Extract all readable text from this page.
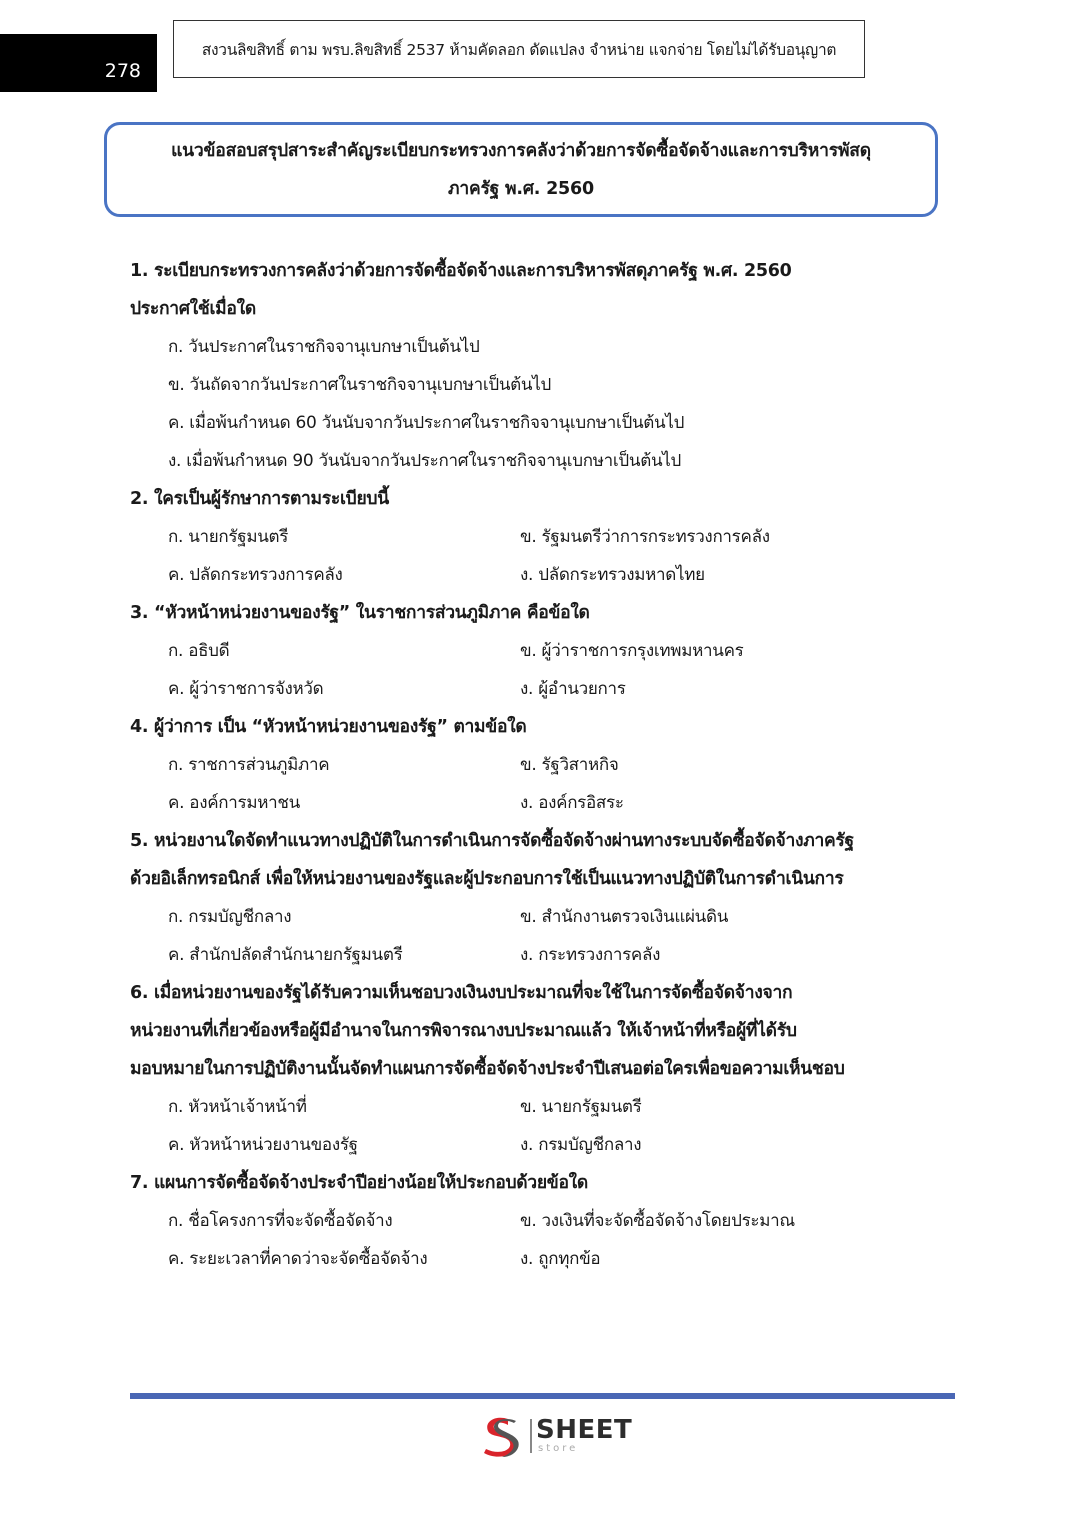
278
สงวนลิขสิทธิ์ ตาม พรบ.ลิขสิทธิ์ 2537 ห้ามคัดลอก ดัดแปลง จำหน่าย แจกจ่าย โดยไม่ได้รับอนุญาต
แนวข้อสอบสรุปสาระสำคัญระเบียบกระทรวงการคลังว่าด้วยการจัดซื้อจัดจ้างและการบริหารพัสดุ
ภาครัฐ พ.ศ. 2560
1. ระเบียบกระทรวงการคลังว่าด้วยการจัดซื้อจัดจ้างและการบริหารพัสดุภาครัฐ พ.ศ. 2560
ประกาศใช้เมื่อใด
ก. วันประกาศในราชกิจจานุเบกษาเป็นต้นไป
ข. วันถัดจากวันประกาศในราชกิจจานุเบกษาเป็นต้นไป
ค. เมื่อพ้นกำหนด 60 วันนับจากวันประกาศในราชกิจจานุเบกษาเป็นต้นไป
ง. เมื่อพ้นกำหนด 90 วันนับจากวันประกาศในราชกิจจานุเบกษาเป็นต้นไป
2. ใครเป็นผู้รักษาการตามระเบียบนี้
ก. นายกรัฐมนตรี	ข. รัฐมนตรีว่าการกระทรวงการคลัง
ค. ปลัดกระทรวงการคลัง	ง. ปลัดกระทรวงมหาดไทย
3. “หัวหน้าหน่วยงานของรัฐ” ในราชการส่วนภูมิภาค คือข้อใด
ก. อธิบดี	ข. ผู้ว่าราชการกรุงเทพมหานคร
ค. ผู้ว่าราชการจังหวัด	ง. ผู้อำนวยการ
4. ผู้ว่าการ เป็น “หัวหน้าหน่วยงานของรัฐ” ตามข้อใด
ก. ราชการส่วนภูมิภาค	ข. รัฐวิสาหกิจ
ค. องค์การมหาชน	ง. องค์กรอิสระ
5. หน่วยงานใดจัดทำแนวทางปฏิบัติในการดำเนินการจัดซื้อจัดจ้างผ่านทางระบบจัดซื้อจัดจ้างภาครัฐ
ด้วยอิเล็กทรอนิกส์ เพื่อให้หน่วยงานของรัฐและผู้ประกอบการใช้เป็นแนวทางปฏิบัติในการดำเนินการ
ก. กรมบัญชีกลาง	ข. สำนักงานตรวจเงินแผ่นดิน
ค. สำนักปลัดสำนักนายกรัฐมนตรี	ง. กระทรวงการคลัง
6. เมื่อหน่วยงานของรัฐได้รับความเห็นชอบวงเงินงบประมาณที่จะใช้ในการจัดซื้อจัดจ้างจาก
หน่วยงานที่เกี่ยวข้องหรือผู้มีอำนาจในการพิจารณางบประมาณแล้ว ให้เจ้าหน้าที่หรือผู้ที่ได้รับ
มอบหมายในการปฏิบัติงานนั้นจัดทำแผนการจัดซื้อจัดจ้างประจำปีเสนอต่อใครเพื่อขอความเห็นชอบ
ก. หัวหน้าเจ้าหน้าที่	ข. นายกรัฐมนตรี
ค. หัวหน้าหน่วยงานของรัฐ	ง. กรมบัญชีกลาง
7. แผนการจัดซื้อจัดจ้างประจำปีอย่างน้อยให้ประกอบด้วยข้อใด
ก. ชื่อโครงการที่จะจัดซื้อจัดจ้าง	ข. วงเงินที่จะจัดซื้อจัดจ้างโดยประมาณ
ค. ระยะเวลาที่คาดว่าจะจัดซื้อจัดจ้าง	ง. ถูกทุกข้อ
SHEET
store
